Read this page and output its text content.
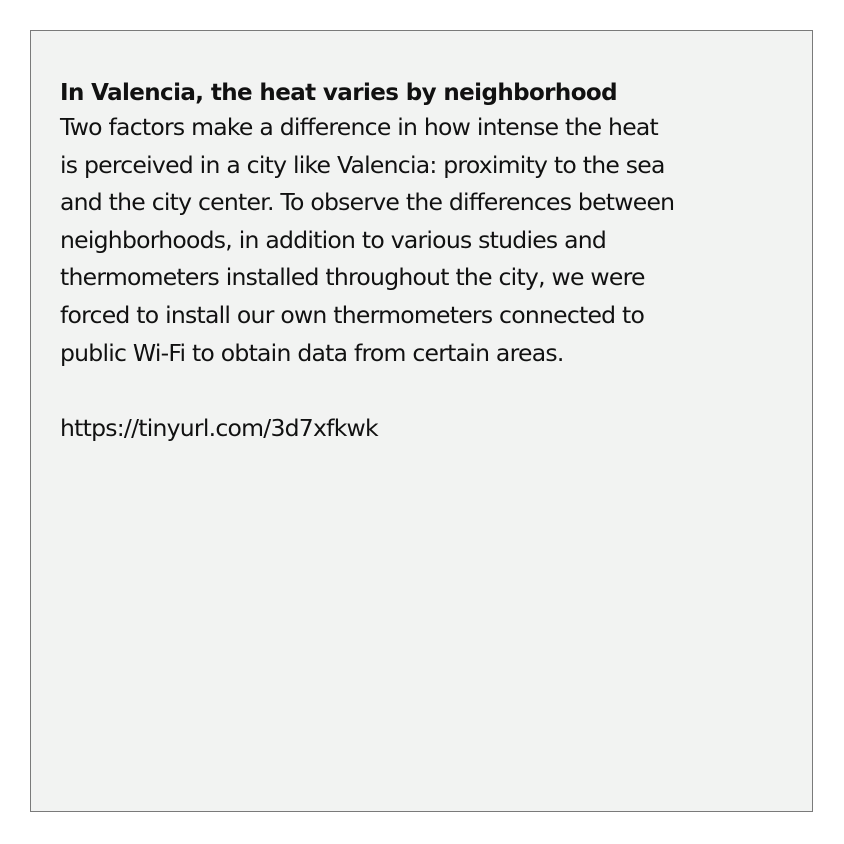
In Valencia, the heat varies by neighborhood

Two factors make a difference in how intense the heat
is perceived in a city like Valencia: proximity to the sea
and the city center. To observe the differences between
neighborhoods, in addition to various studies and
thermometers installed throughout the city, we were
forced to install our own thermometers connected to
public Wi-Fi to obtain data from certain areas.

https://tinyurl.com/3d7xfkwk
